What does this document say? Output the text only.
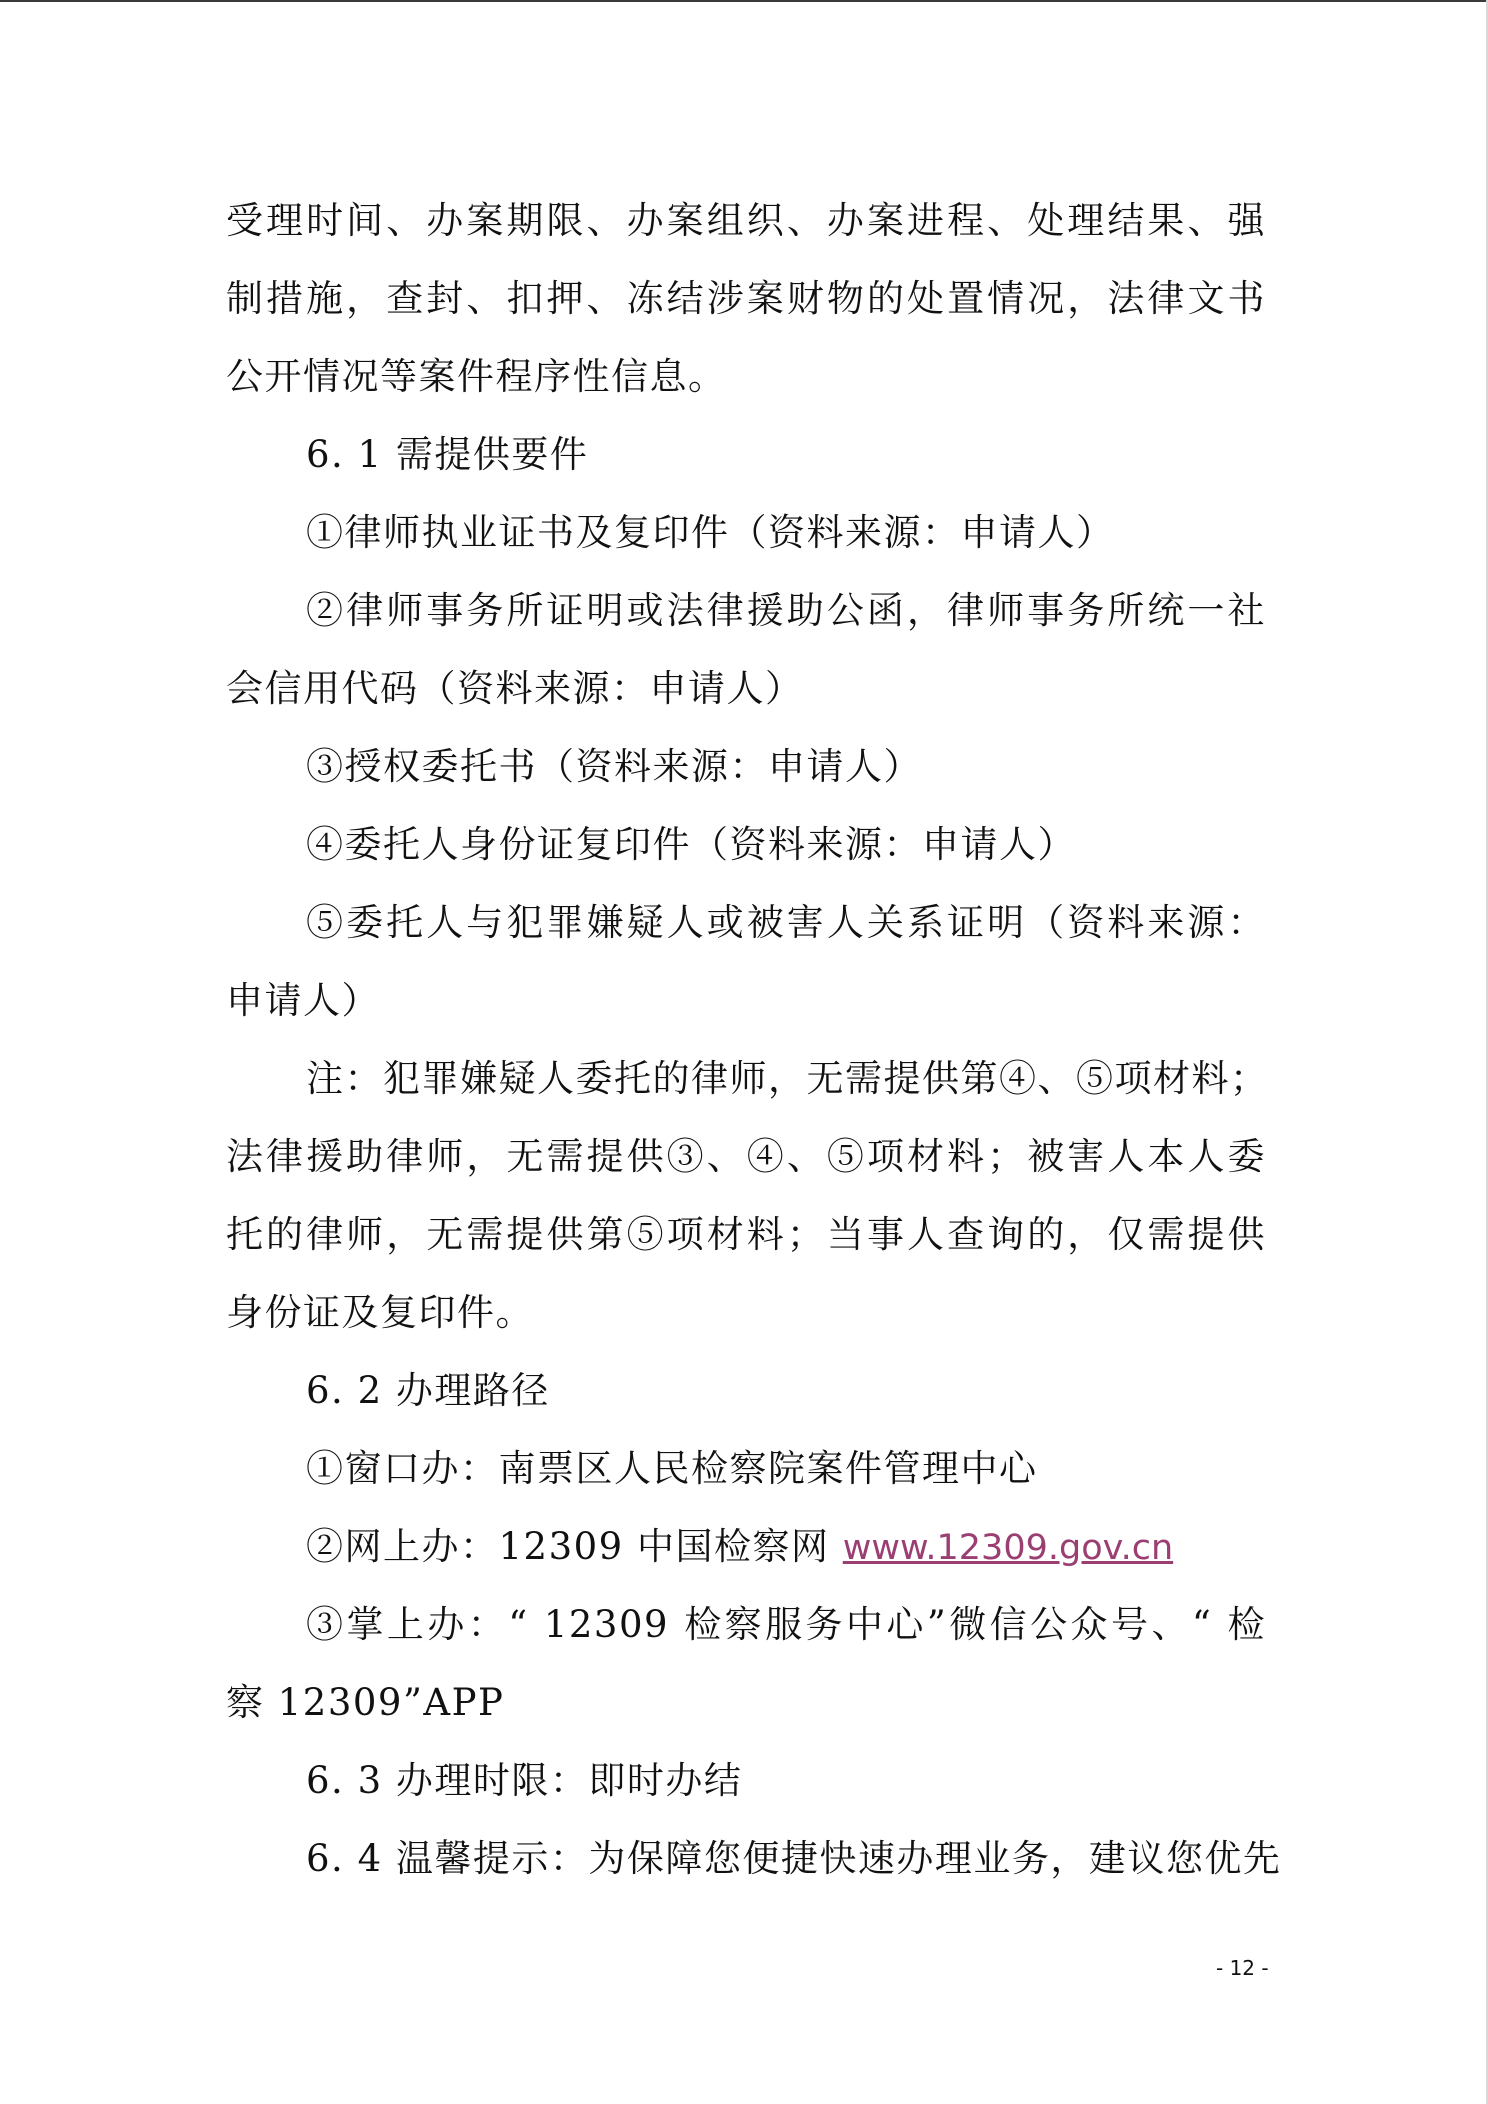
受理时间、办案期限、办案组织、办案进程、处理结果、强
制措施，查封、扣押、冻结涉案财物的处置情况，法律文书
公开情况等案件程序性信息。
6. 1 需提供要件
①律师执业证书及复印件（资料来源：申请人）
②律师事务所证明或法律援助公函，律师事务所统一社
会信用代码（资料来源：申请人）
③授权委托书（资料来源：申请人）
④委托人身份证复印件（资料来源：申请人）
⑤委托人与犯罪嫌疑人或被害人关系证明（资料来源：
申请人）
注：犯罪嫌疑人委托的律师，无需提供第④、⑤项材料；
法律援助律师，无需提供③、④、⑤项材料；被害人本人委
托的律师，无需提供第⑤项材料；当事人查询的，仅需提供
身份证及复印件。
6. 2 办理路径
①窗口办：南票区人民检察院案件管理中心
②网上办：12309 中国检察网 www.12309.gov.cn
③掌上办：“ 12309 检察服务中心”微信公众号、“ 检
察 12309”APP
6. 3 办理时限：即时办结
6. 4 温馨提示：为保障您便捷快速办理业务，建议您优先
- 12 -
